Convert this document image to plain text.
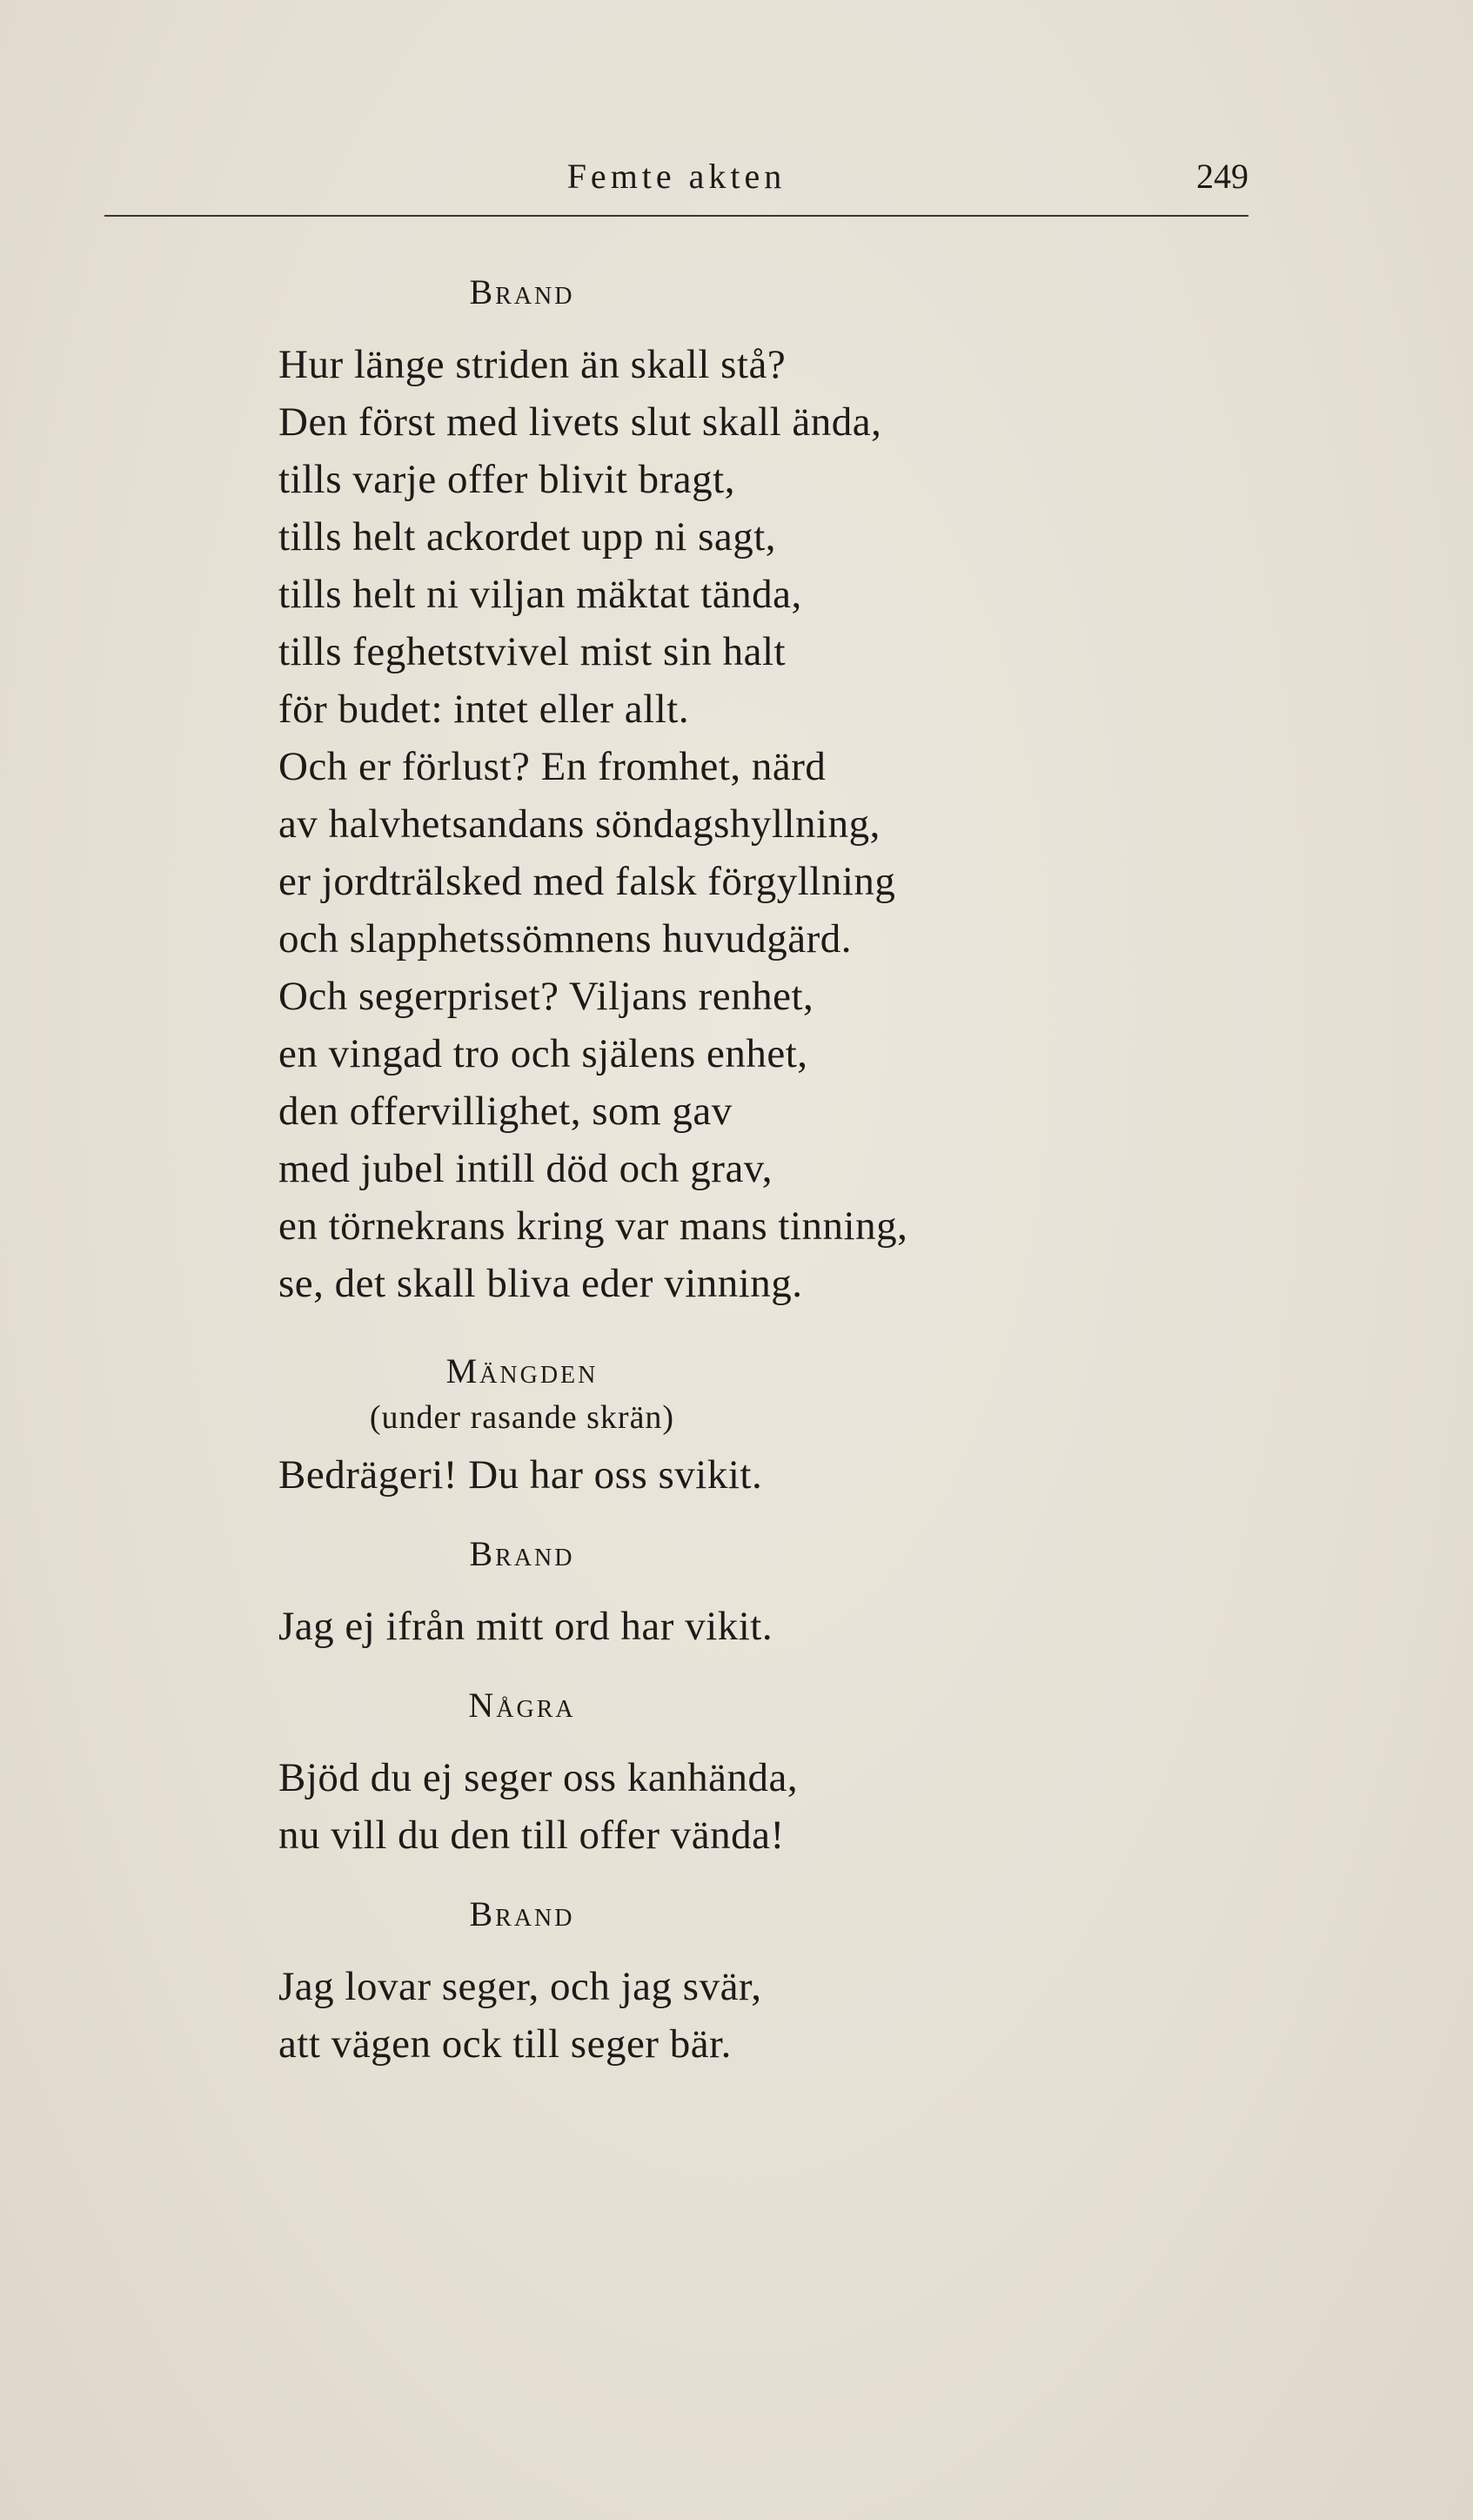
Femte akten	249
Brand
Hur länge striden än skall stå?
Den först med livets slut skall ända,
tills varje offer blivit bragt,
tills helt ackordet upp ni sagt,
tills helt ni viljan mäktat tända,
tills feghetstvivel mist sin halt
för budet: intet eller allt.
Och er förlust? En fromhet, närd
av halvhetsandans söndagshyllning,
er jordträlsked med falsk förgyllning
och slapphetssömnens huvudgärd.
Och segerpriset? Viljans renhet,
en vingad tro och själens enhet,
den offervillighet, som gav
med jubel intill död och grav,
en törnekrans kring var mans tinning,
se, det skall bliva eder vinning.
Mängden
(under rasande skrän)
Bedrägeri! Du har oss svikit.
Brand
Jag ej ifrån mitt ord har vikit.
Några
Bjöd du ej seger oss kanhända,
nu vill du den till offer vända!
Brand
Jag lovar seger, och jag svär,
att vägen ock till seger bär.
